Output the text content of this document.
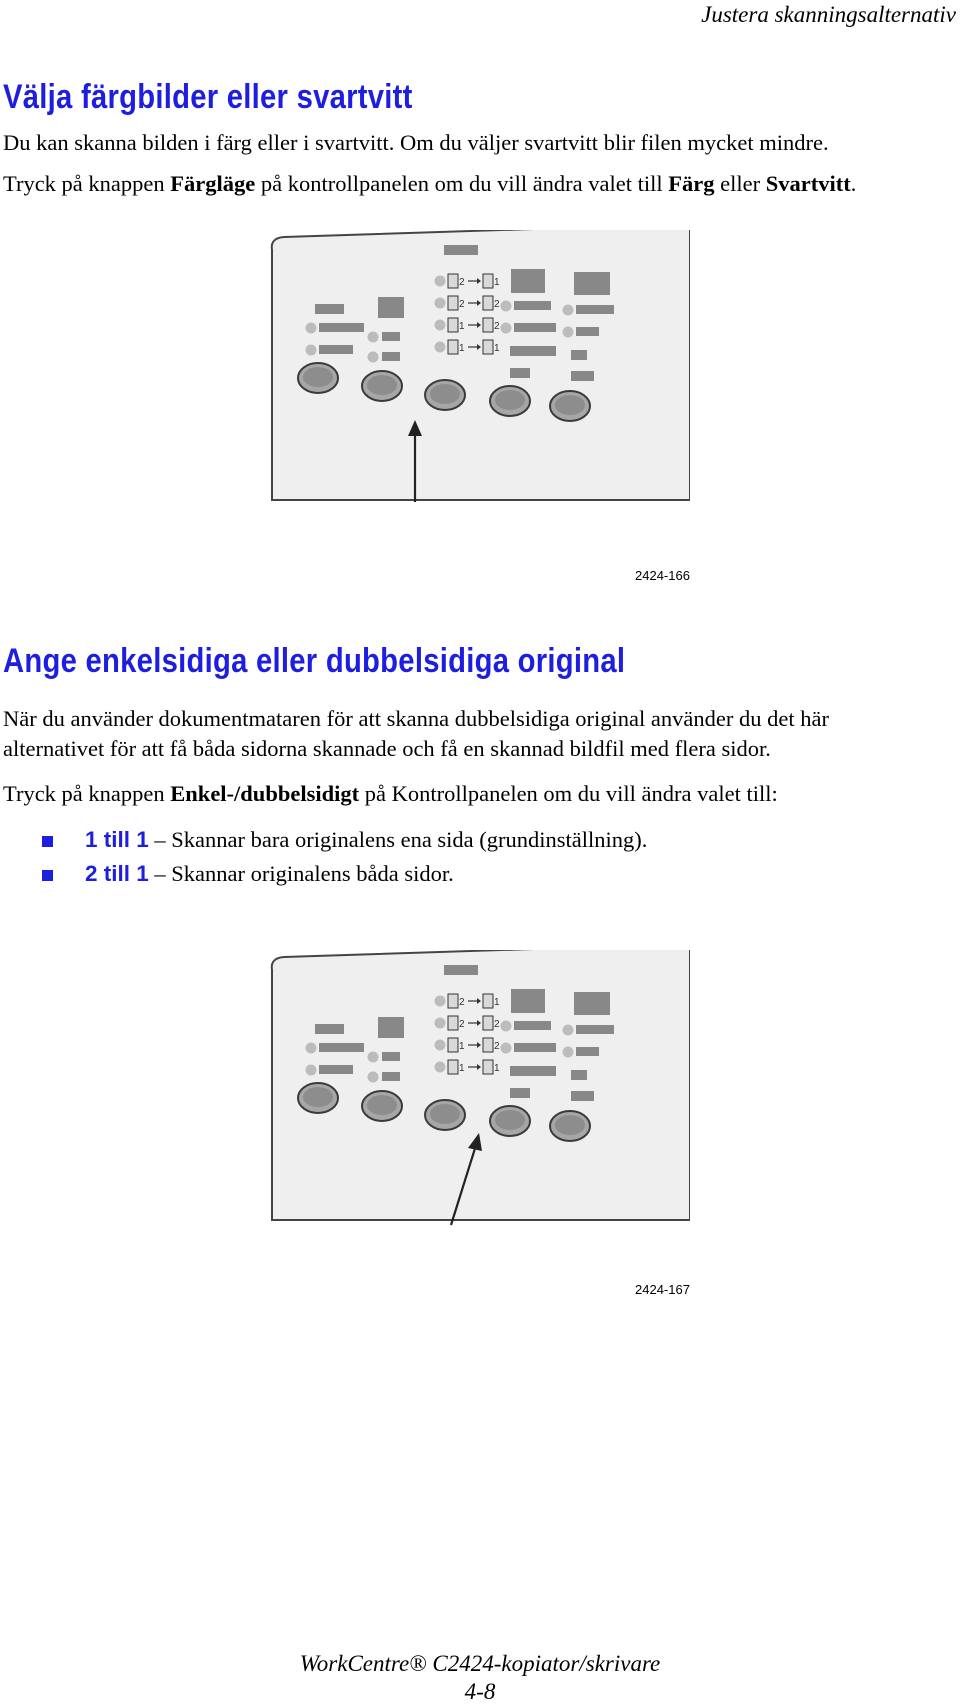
Justera skanningsalternativ
Välja färgbilder eller svartvitt
Du kan skanna bilden i färg eller i svartvitt. Om du väljer svartvitt blir filen mycket mindre.
Tryck på knappen Färgläge på kontrollpanelen om du vill ändra valet till Färg eller Svartvitt.
2	1
2	2
1	2
1	1
2424-166
Ange enkelsidiga eller dubbelsidiga original
När du använder dokumentmataren för att skanna dubbelsidiga original använder du det här
alternativet för att få båda sidorna skannade och få en skannad bildfil med flera sidor.
Tryck på knappen Enkel-/dubbelsidigt på Kontrollpanelen om du vill ändra valet till:
1 till 1 – Skannar bara originalens ena sida (grundinställning).
2 till 1 – Skannar originalens båda sidor.
2	1
2	2
1	2
1	1
2424-167
WorkCentre® C2424-kopiator/skrivare
4-8
